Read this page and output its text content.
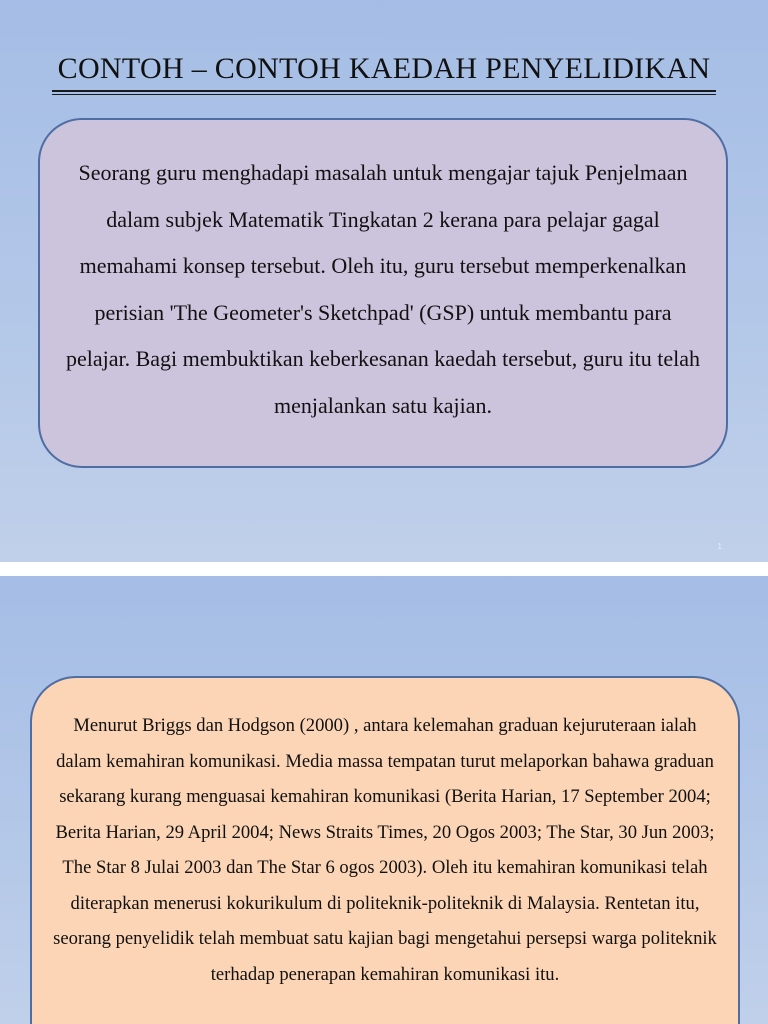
CONTOH – CONTOH KAEDAH PENYELIDIKAN
Seorang guru menghadapi masalah untuk mengajar tajuk Penjelmaan dalam subjek Matematik Tingkatan 2 kerana para pelajar gagal memahami konsep tersebut. Oleh itu, guru tersebut memperkenalkan perisian 'The Geometer's Sketchpad' (GSP) untuk membantu para pelajar. Bagi membuktikan keberkesanan kaedah tersebut, guru itu telah menjalankan satu kajian.
1
Menurut Briggs dan Hodgson (2000) , antara kelemahan graduan kejuruteraan ialah dalam kemahiran komunikasi. Media massa tempatan turut melaporkan bahawa graduan sekarang kurang menguasai kemahiran komunikasi (Berita Harian, 17 September 2004; Berita Harian, 29 April 2004; News Straits Times, 20 Ogos 2003; The Star, 30 Jun 2003; The Star 8 Julai 2003 dan The Star 6 ogos 2003). Oleh itu kemahiran komunikasi telah diterapkan menerusi kokurikulum di politeknik-politeknik di Malaysia. Rentetan itu, seorang penyelidik telah membuat satu kajian bagi mengetahui persepsi warga politeknik terhadap penerapan kemahiran komunikasi itu.
